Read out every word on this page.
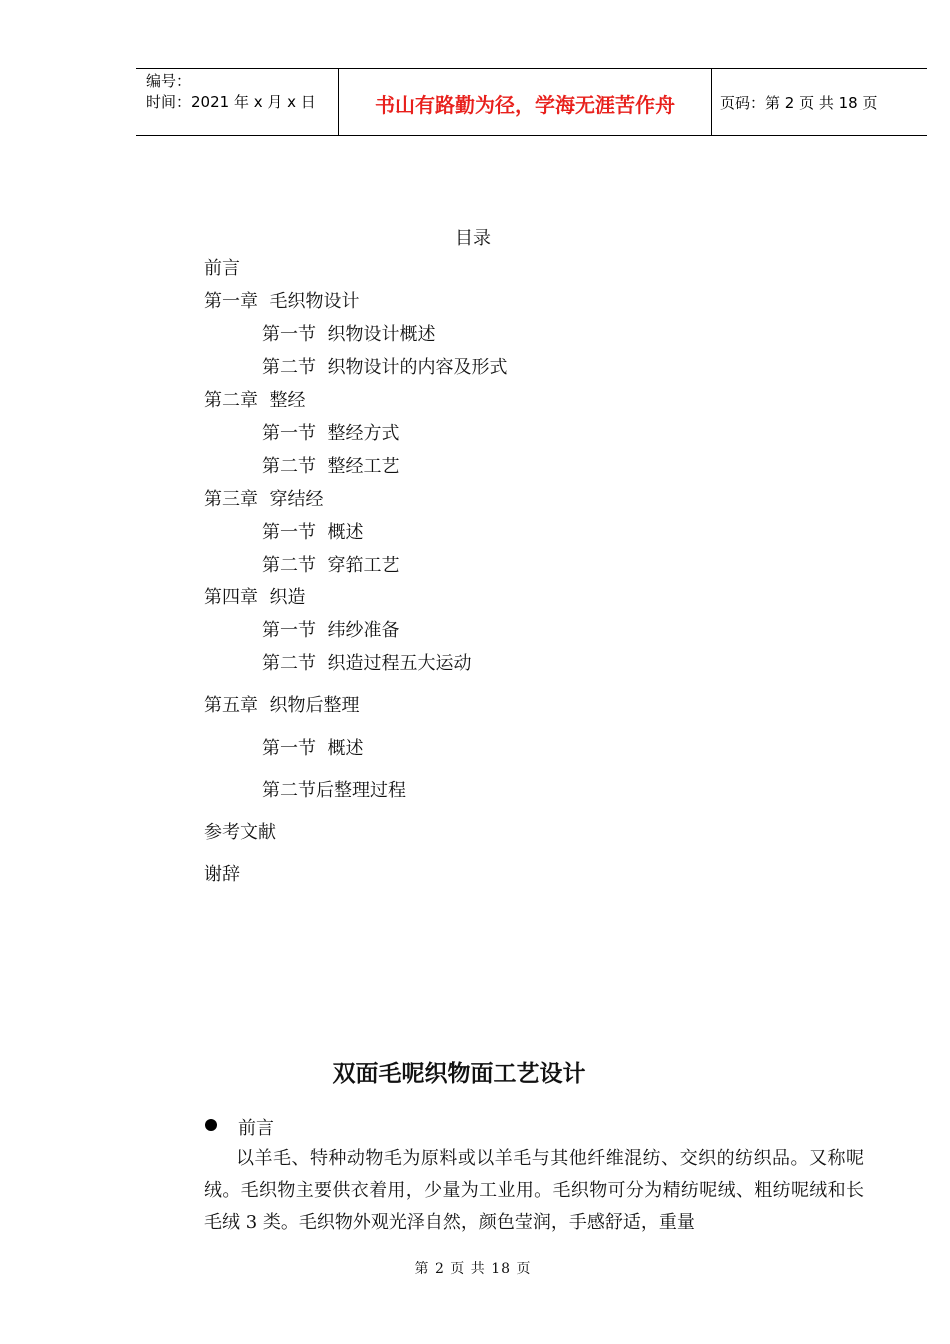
编号：
时间：2021 年 x 月 x 日	书山有路勤为径，学海无涯苦作舟	页码：第 2 页 共 18 页
目录
前言
第一章  毛织物设计
第一节  织物设计概述
第二节  织物设计的内容及形式
第二章  整经
第一节  整经方式
第二节  整经工艺
第三章  穿结经
第一节  概述
第二节  穿筘工艺
第四章  织造
第一节  纬纱准备
第二节  织造过程五大运动
第五章  织物后整理
第一节  概述
第二节后整理过程
参考文献
谢辞
双面毛呢织物面工艺设计
前言
以羊毛、特种动物毛为原料或以羊毛与其他纤维混纺、交织的纺织品。又称呢绒。毛织物主要供衣着用，少量为工业用。毛织物可分为精纺呢绒、粗纺呢绒和长毛绒 3 类。毛织物外观光泽自然，颜色莹润，手感舒适，重量
第 2 页 共 18 页
